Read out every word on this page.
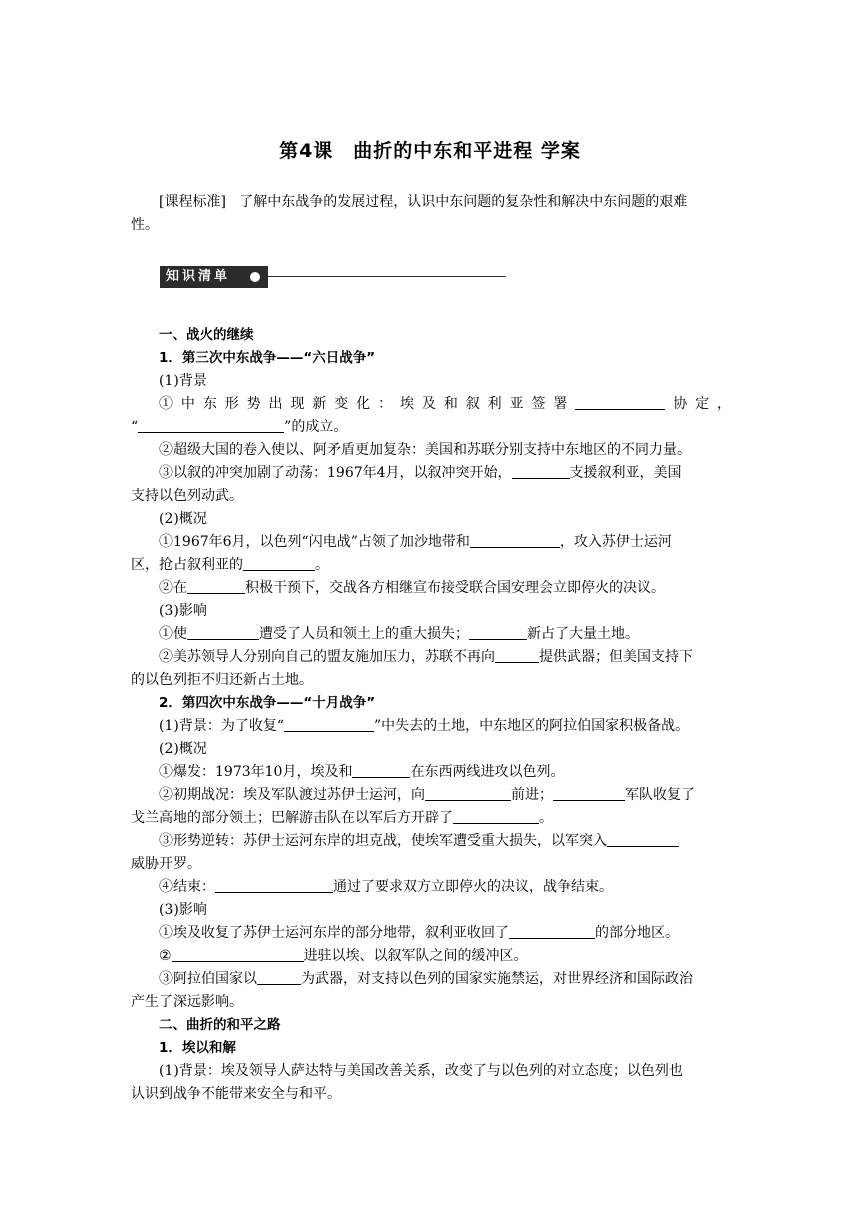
第4课　曲折的中东和平进程 学案

[课程标准] 了解中东战争的发展过程，认识中东问题的复杂性和解决中东问题的艰难

性。

知识清单

一、战火的继续

1．第三次中东战争——“六日战争”

(1)背景

①中东形势出现新变化：埃及和叙利亚签署	协定，

“	”的成立。

②超级大国的卷入使以、阿矛盾更加复杂：美国和苏联分别支持中东地区的不同力量。

③以叙的冲突加剧了动荡：1967年4月，以叙冲突开始，	支援叙利亚，美国

支持以色列动武。

(2)概况

①1967年6月，以色列“闪电战”占领了加沙地带和	，攻入苏伊士运河

区，抢占叙利亚的	。

②在	积极干预下，交战各方相继宣布接受联合国安理会立即停火的决议。

(3)影响

①使	遭受了人员和领土上的重大损失；	新占了大量土地。

②美苏领导人分别向自己的盟友施加压力，苏联不再向	提供武器；但美国支持下

的以色列拒不归还新占土地。

2．第四次中东战争——“十月战争”

(1)背景：为了收复“	”中失去的土地，中东地区的阿拉伯国家积极备战。

(2)概况

①爆发：1973年10月，埃及和	在东西两线进攻以色列。

②初期战况：埃及军队渡过苏伊士运河，向	前进；	军队收复了

戈兰高地的部分领土；巴解游击队在以军后方开辟了	。

③形势逆转：苏伊士运河东岸的坦克战，使埃军遭受重大损失，以军突入

威胁开罗。

④结束：	通过了要求双方立即停火的决议，战争结束。

(3)影响

①埃及收复了苏伊士运河东岸的部分地带，叙利亚收回了	的部分地区。

②	进驻以埃、以叙军队之间的缓冲区。

③阿拉伯国家以	为武器，对支持以色列的国家实施禁运，对世界经济和国际政治

产生了深远影响。

二、曲折的和平之路

1．埃以和解

(1)背景：埃及领导人萨达特与美国改善关系，改变了与以色列的对立态度；以色列也

认识到战争不能带来安全与和平。
